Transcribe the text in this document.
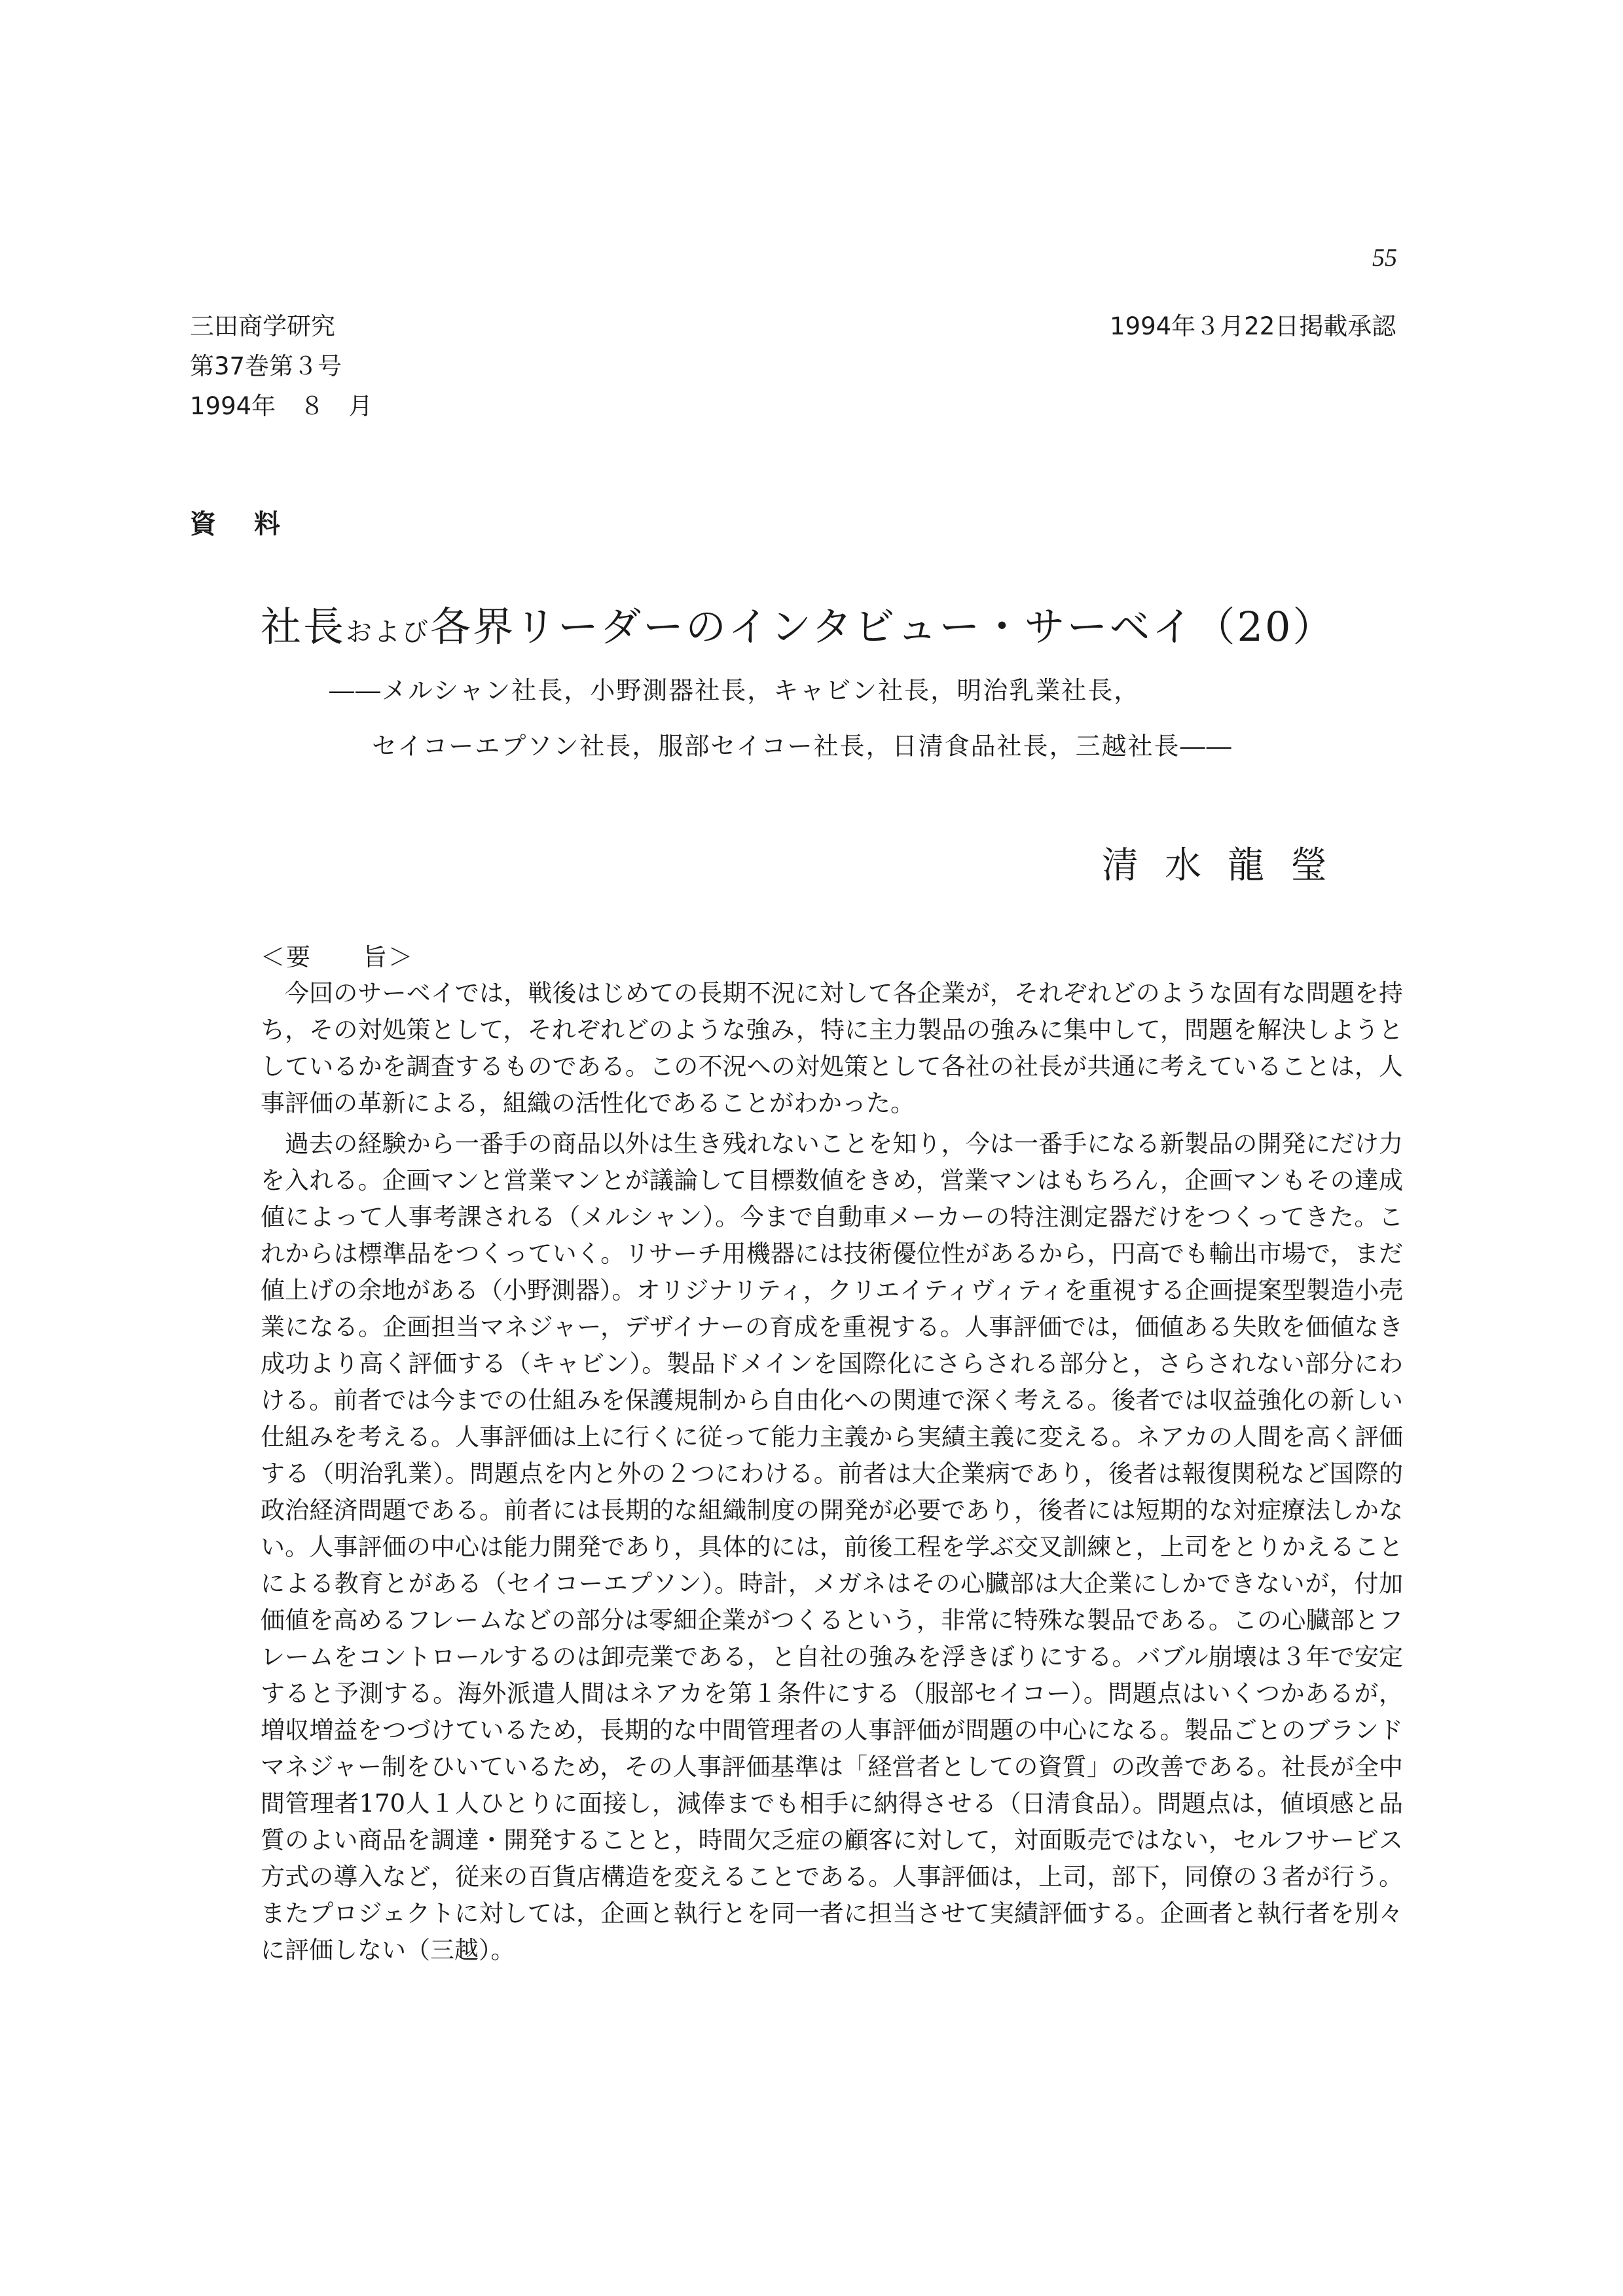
55
三田商学研究
第37巻第３号
1994年　８　月
1994年３月22日掲載承認
資料
社長および各界リーダーのインタビュー・サーベイ（20）
――メルシャン社長，小野測器社長，キャビン社長，明治乳業社長，
セイコーエプソン社長，服部セイコー社長，日清食品社長，三越社長――
清水龍瑩
＜要　　旨＞

今回のサーベイでは，戦後はじめての長期不況に対して各企業が，それぞれどのような固有な問題を持ち，その対処策として，それぞれどのような強み，特に主力製品の強みに集中して，問題を解決しようとしているかを調査するものである。この不況への対処策として各社の社長が共通に考えていることは，人事評価の革新による，組織の活性化であることがわかった。

過去の経験から一番手の商品以外は生き残れないことを知り，今は一番手になる新製品の開発にだけ力を入れる。企画マンと営業マンとが議論して目標数値をきめ，営業マンはもちろん，企画マンもその達成値によって人事考課される（メルシャン）。今まで自動車メーカーの特注測定器だけをつくってきた。これからは標準品をつくっていく。リサーチ用機器には技術優位性があるから，円高でも輸出市場で，まだ値上げの余地がある（小野測器）。オリジナリティ，クリエイティヴィティを重視する企画提案型製造小売業になる。企画担当マネジャー，デザイナーの育成を重視する。人事評価では，価値ある失敗を価値なき成功より高く評価する（キャビン）。製品ドメインを国際化にさらされる部分と，さらされない部分にわける。前者では今までの仕組みを保護規制から自由化への関連で深く考える。後者では収益強化の新しい仕組みを考える。人事評価は上に行くに従って能力主義から実績主義に変える。ネアカの人間を高く評価する（明治乳業）。問題点を内と外の２つにわける。前者は大企業病であり，後者は報復関税など国際的政治経済問題である。前者には長期的な組織制度の開発が必要であり，後者には短期的な対症療法しかない。人事評価の中心は能力開発であり，具体的には，前後工程を学ぶ交叉訓練と，上司をとりかえることによる教育とがある（セイコーエプソン）。時計，メガネはその心臓部は大企業にしかできないが，付加価値を高めるフレームなどの部分は零細企業がつくるという，非常に特殊な製品である。この心臓部とフレームをコントロールするのは卸売業である，と自社の強みを浮きぼりにする。バブル崩壊は３年で安定すると予測する。海外派遣人間はネアカを第１条件にする（服部セイコー）。問題点はいくつかあるが，増収増益をつづけているため，長期的な中間管理者の人事評価が問題の中心になる。製品ごとのブランドマネジャー制をひいているため，その人事評価基準は「経営者としての資質」の改善である。社長が全中間管理者170人１人ひとりに面接し，減俸までも相手に納得させる（日清食品）。問題点は，値頃感と品質のよい商品を調達・開発することと，時間欠乏症の顧客に対して，対面販売ではない，セルフサービス方式の導入など，従来の百貨店構造を変えることである。人事評価は，上司，部下，同僚の３者が行う。またプロジェクトに対しては，企画と執行とを同一者に担当させて実績評価する。企画者と執行者を別々に評価しない（三越）。
